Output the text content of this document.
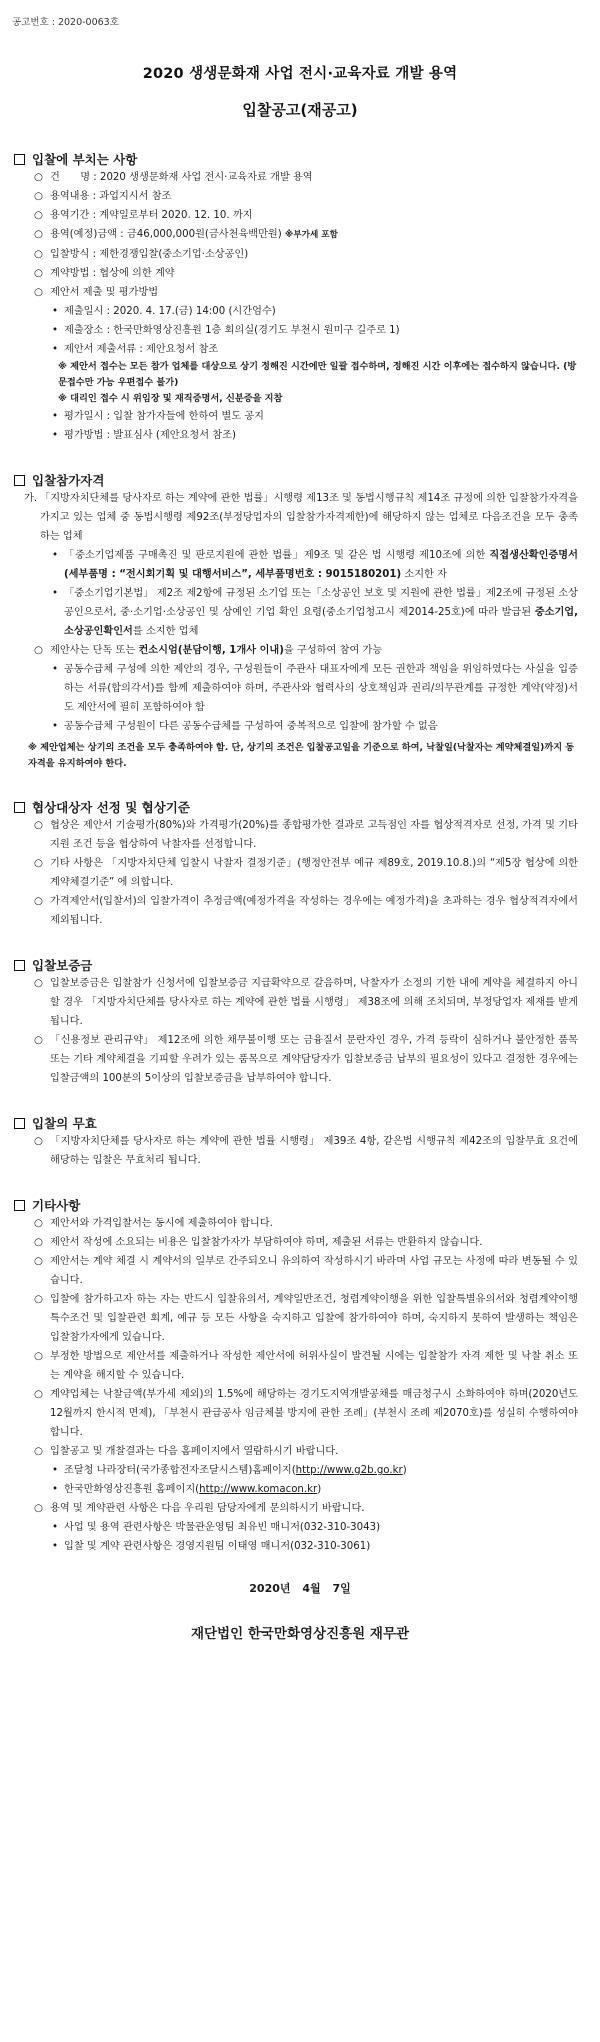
공고번호 : 2020-0063호
2020 생생문화재 사업 전시·교육자료 개발 용역
입찰공고(재공고)
입찰에 부치는 사항
○ 건　　명 : 2020 생생문화재 사업 전시·교육자료 개발 용역
○ 용역내용 : 과업지시서 참조
○ 용역기간 : 계약일로부터 2020. 12. 10. 까지
○ 용역(예정)금액 : 금46,000,000원(금사천육백만원) ※부가세 포함
○ 입찰방식 : 제한경쟁입찰(중소기업·소상공인)
○ 계약방법 : 협상에 의한 계약
○ 제안서 제출 및 평가방법
• 제출일시 : 2020. 4. 17.(금) 14:00 (시간엄수)
• 제출장소 : 한국만화영상진흥원 1층 회의실(경기도 부천시 원미구 길주로 1)
• 제안서 제출서류 : 제안요청서 참조
※ 제안서 접수는 모든 참가 업체를 대상으로 상기 정해진 시간에만 일괄 접수하며, 정해진 시간 이후에는 접수하지 않습니다. (방문접수만 가능 우편접수 불가)
※ 대리인 접수 시 위임장 및 재직증명서, 신분증을 지참
• 평가일시 : 입찰 참가자들에 한하여 별도 공지
• 평가방법 : 발표심사 (제안요청서 참조)
입찰참가자격
가. 「지방자치단체를 당사자로 하는 계약에 관한 법률」시행령 제13조 및 동법시행규칙 제14조 규정에 의한 입찰참가자격을 가지고 있는 업체 중 동법시행령 제92조(부정당업자의 입찰참가자격제한)에 해당하지 않는 업체로 다음조건을 모두 충족하는 업체
• 「중소기업제품 구매촉진 및 판로지원에 관한 법률」제9조 및 같은 법 시행령 제10조에 의한 직접생산확인증명서 (세부품명 : “전시회기획 및 대행서비스”, 세부품명번호 : 9015180201) 소지한 자
• 「중소기업기본법」 제2조 제2항에 규정된 소기업 또는「소상공인 보호 및 지원에 관한 법률」제2조에 규정된 소상공인으로서, 중·소기업·소상공인 및 상예인 기업 확인 요령(중소기업청고시 제2014-25호)에 따라 발급된 중소기업, 소상공인확인서를 소지한 업체
○ 제안사는 단독 또는 컨소시엄(분담이행, 1개사 이내)을 구성하여 참여 가능
• 공동수급체 구성에 의한 제안의 경우, 구성원들이 주관사 대표자에게 모든 권한과 책임을 위임하였다는 사실을 입증하는 서류(합의각서)를 함께 제출하여야 하며, 주관사와 협력사의 상호책임과 권리/의무관계를 규정한 계약(약정)서도 제안서에 필히 포함하여야 함
• 공동수급체 구성원이 다른 공동수급체를 구성하여 중복적으로 입찰에 참가할 수 없음
※ 제안업체는 상기의 조건을 모두 충족하여야 함. 단, 상기의 조건은 입찰공고일을 기준으로 하여, 낙찰일(낙찰자는 계약체결일)까지 동 자격을 유지하여야 한다.
협상대상자 선정 및 협상기준
○ 협상은 제안서 기술평가(80%)와 가격평가(20%)를 종합평가한 결과로 고득점인 자를 협상적격자로 선정, 가격 및 기타 지원 조건 등을 협상하여 낙찰자를 선정합니다.
○ 기타 사항은 「지방자치단체 입찰시 낙찰자 결정기준」(행정안전부 예규 제89호, 2019.10.8.)의 “제5장 협상에 의한 계약체결기준” 에 의합니다.
○ 가격제안서(입찰서)의 입찰가격이 추정금액(예정가격을 작성하는 경우에는 예정가격)을 초과하는 경우 협상적격자에서 제외됩니다.
입찰보증금
○ 입찰보증금은 입찰참가 신청서에 입찰보증금 지급확약으로 갈음하며, 낙찰자가 소정의 기한 내에 계약을 체결하지 아니할 경우 「지방자치단체를 당사자로 하는 계약에 관한 법률 시행령」 제38조에 의해 조치되며, 부정당업자 제재를 받게 됩니다.
○ 「신용정보 관리규약」 제12조에 의한 채무불이행 또는 금융질서 문란자인 경우, 가격 등락이 심하거나 불안정한 품목 또는 기타 계약체결을 기피할 우려가 있는 품목으로 계약담당자가 입찰보증금 납부의 필요성이 있다고 결정한 경우에는 입찰금액의 100분의 5이상의 입찰보증금을 납부하여야 합니다.
입찰의 무효
○ 「지방자치단체를 당사자로 하는 계약에 관한 법률 시행령」 제39조 4항, 같은법 시행규칙 제42조의 입찰무효 요건에 해당하는 입찰은 무효처리 됩니다.
기타사항
○ 제안서와 가격입찰서는 동시에 제출하여야 합니다.
○ 제안서 작성에 소요되는 비용은 입찰참가자가 부담하여야 하며, 제출된 서류는 반환하지 않습니다.
○ 제안서는 계약 체결 시 계약서의 일부로 간주되오니 유의하여 작성하시기 바라며 사업 규모는 사정에 따라 변동될 수 있습니다.
○ 입찰에 참가하고자 하는 자는 반드시 입찰유의서, 계약일반조건, 청렴계약이행을 위한 입찰특별유의서와 청렴계약이행 특수조건 및 입찰관련 회계, 예규 등 모든 사항을 숙지하고 입찰에 참가하여야 하며, 숙지하지 못하여 발생하는 책임은 입찰참가자에게 있습니다.
○ 부정한 방법으로 제안서를 제출하거나 작성한 제안서에 허위사실이 발견될 시에는 입찰참가 자격 제한 및 낙찰 취소 또는 계약을 해지할 수 있습니다.
○ 계약업체는 낙찰금액(부가세 제외)의 1.5%에 해당하는 경기도지역개발공채를 매금청구시 소화하여야 하며(2020년도 12월까지 한시적 면제), 「부천시 관급공사 임금체불 방지에 관한 조례」(부천시 조례 제2070호)를 성실히 수행하여야 합니다.
○ 입찰공고 및 개찰결과는 다음 홈페이지에서 열람하시기 바랍니다.
• 조달청 나라장터(국가종합전자조달시스템)홈페이지(http://www.g2b.go.kr)
• 한국만화영상진흥원 홈페이지(http://www.komacon.kr)
○ 용역 및 계약관련 사항은 다음 우리원 담당자에게 문의하시기 바랍니다.
• 사업 및 용역 관련사항은 박물관운영팀 최유빈 매니저(032-310-3043)
• 입찰 및 계약 관련사항은 경영지원팀 이태영 매니저(032-310-3061)
2020년 4월 7일
재단법인 한국만화영상진흥원 재무관
